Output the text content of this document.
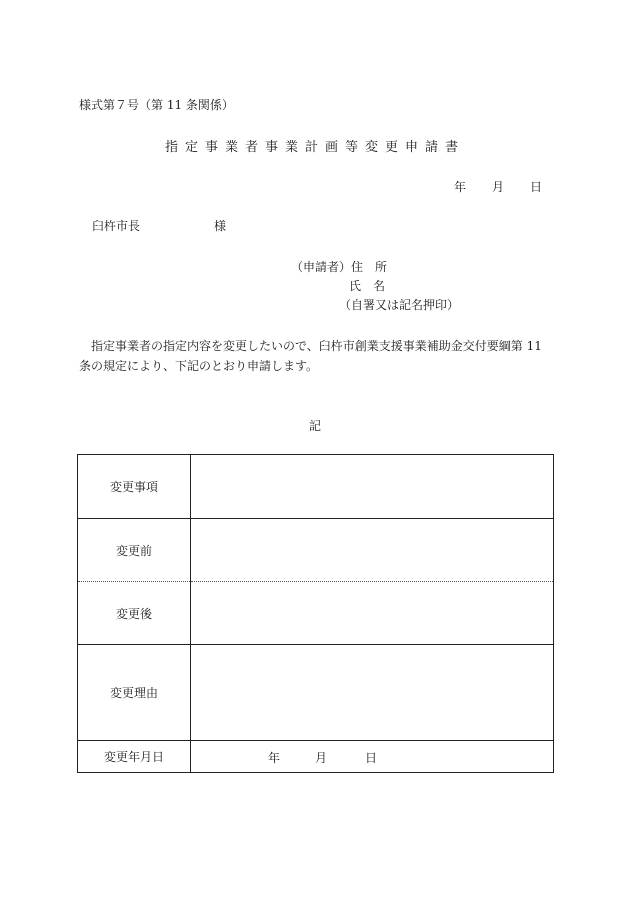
様式第７号（第 11 条関係）
指定事業者事業計画等変更申請書
年 月 日
臼杵市長	様
（申請者）住　所
氏　名
（自署又は記名押印）
指定事業者の指定内容を変更したいので、臼杵市創業支援事業補助金交付要綱第 11
条の規定により、下記のとおり申請します。
記
変更事項	
変更前	
変更後	
変更理由	
変更年月日	年 月 日
